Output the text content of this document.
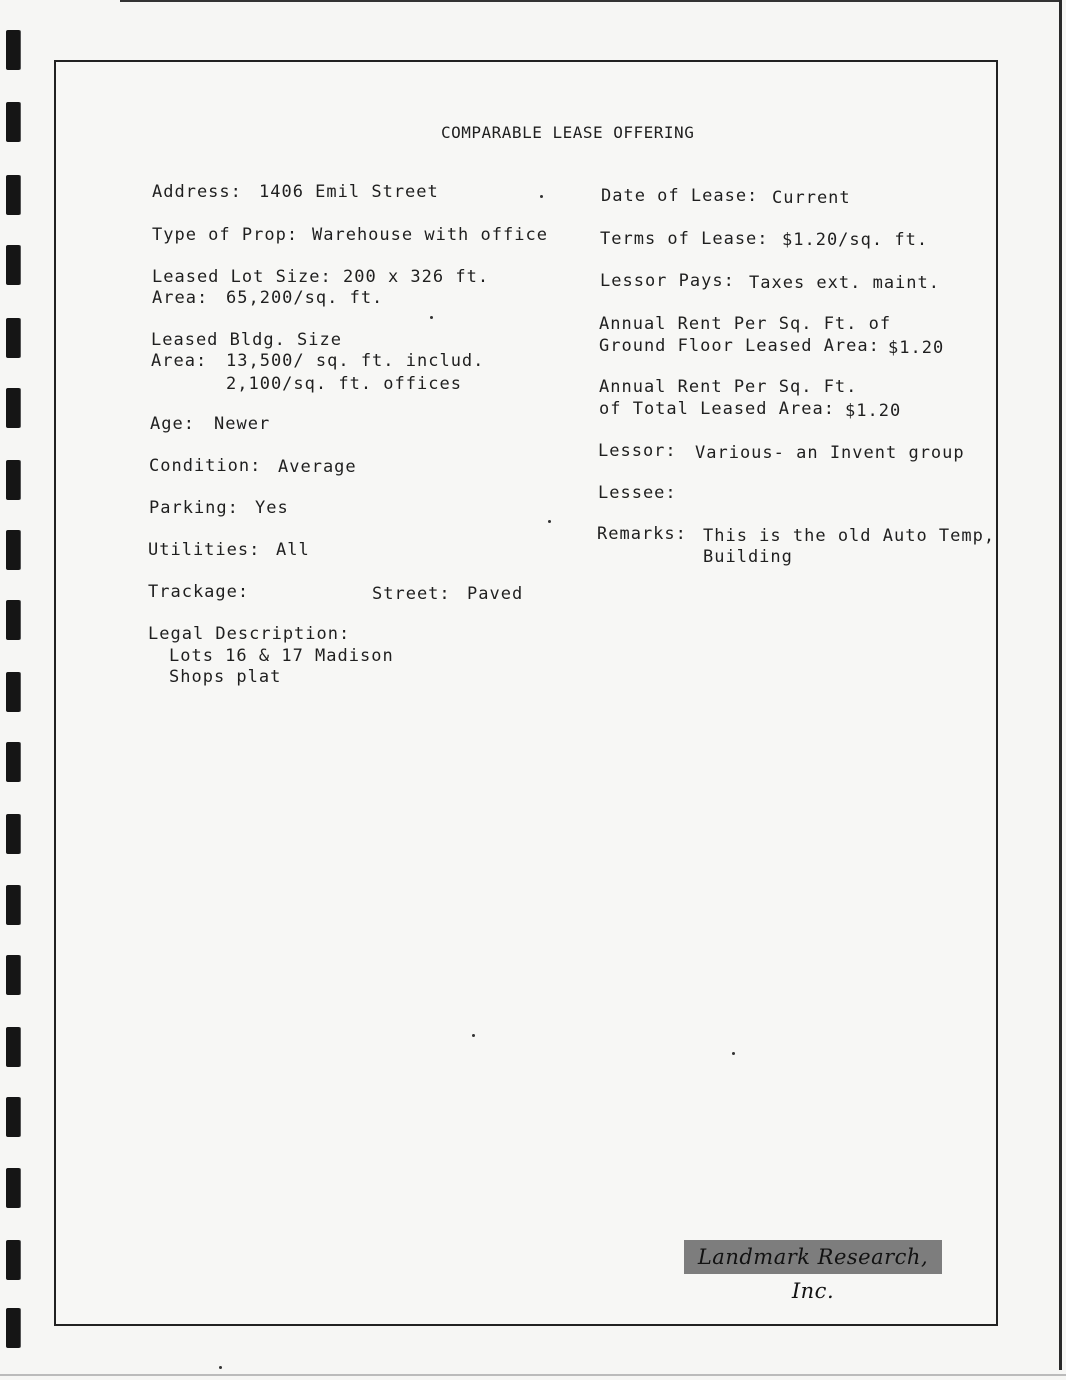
COMPARABLE LEASE OFFERING
Address: 1406 Emil Street
Type of Prop: Warehouse with office
Leased Lot Size: 200 x 326 ft.
Area: 65,200/sq. ft.
Leased Bldg. Size
Area: 13,500/ sq. ft. includ.
2,100/sq. ft. offices
Age: Newer
Condition: Average
Parking: Yes
Utilities: All
Trackage:	Street: Paved
Legal Description:
Lots 16 & 17 Madison
Shops plat
Date of Lease: Current
Terms of Lease: $1.20/sq. ft.
Lessor Pays: Taxes ext. maint.
Annual Rent Per Sq. Ft. of
Ground Floor Leased Area: $1.20
Annual Rent Per Sq. Ft.
of Total Leased Area: $1.20
Lessor: Various- an Invent group
Lessee:
Remarks: This is the old Auto Temp,
Building
Landmark Research, Inc.
